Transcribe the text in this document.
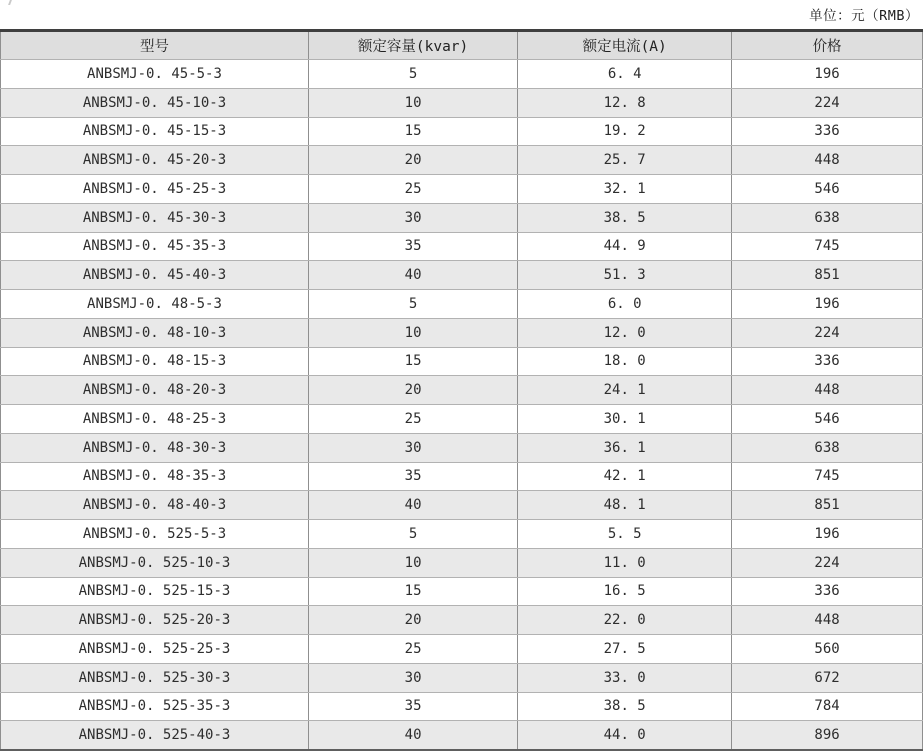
单位：元（RMB）
型号	额定容量(kvar)	额定电流(A)	价格
ANBSMJ-0. 45-5-3	5	6. 4	196
ANBSMJ-0. 45-10-3	10	12. 8	224
ANBSMJ-0. 45-15-3	15	19. 2	336
ANBSMJ-0. 45-20-3	20	25. 7	448
ANBSMJ-0. 45-25-3	25	32. 1	546
ANBSMJ-0. 45-30-3	30	38. 5	638
ANBSMJ-0. 45-35-3	35	44. 9	745
ANBSMJ-0. 45-40-3	40	51. 3	851
ANBSMJ-0. 48-5-3	5	6. 0	196
ANBSMJ-0. 48-10-3	10	12. 0	224
ANBSMJ-0. 48-15-3	15	18. 0	336
ANBSMJ-0. 48-20-3	20	24. 1	448
ANBSMJ-0. 48-25-3	25	30. 1	546
ANBSMJ-0. 48-30-3	30	36. 1	638
ANBSMJ-0. 48-35-3	35	42. 1	745
ANBSMJ-0. 48-40-3	40	48. 1	851
ANBSMJ-0. 525-5-3	5	5. 5	196
ANBSMJ-0. 525-10-3	10	11. 0	224
ANBSMJ-0. 525-15-3	15	16. 5	336
ANBSMJ-0. 525-20-3	20	22. 0	448
ANBSMJ-0. 525-25-3	25	27. 5	560
ANBSMJ-0. 525-30-3	30	33. 0	672
ANBSMJ-0. 525-35-3	35	38. 5	784
ANBSMJ-0. 525-40-3	40	44. 0	896
